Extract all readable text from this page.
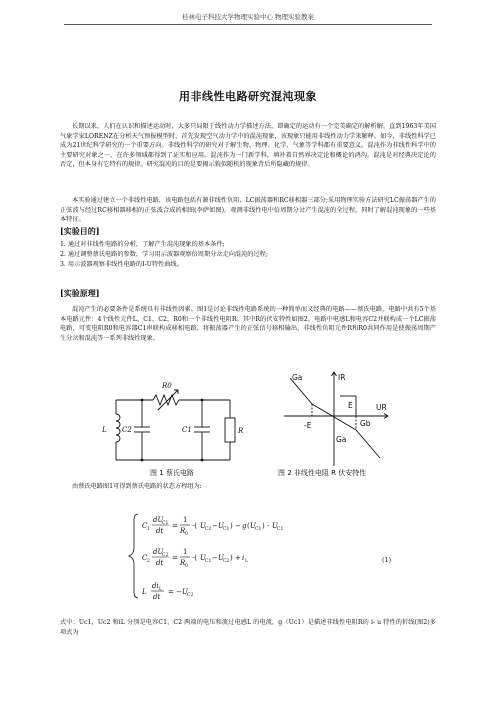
桂林电子科技大学物理实验中心 物理实验教案
用非线性电路研究混沌现象
长期以来，人们在认识和描述运动时，大多只局限于线性动力学描述方法，即确定的运动有一个完美确定的解析解。直到1963年美国气象学家LORENZ在分析天气预报模型时，首先发现空气动力学中的混沌现象，该现象只能用非线性动力学来解释。如今，非线性科学已成为21世纪科学研究的一个重要方向。非线性科学的研究对于解生物、物理、化学、气象等学科都有重要意义。混沌作为非线性科学中的主要研究对象之一，在许多领域都得到了证实和应用。混沌作为一门新学科，填补着自然界决定论和概论的鸿沟。混沌是对经典决定论的否定，但本身有它特有的规律。研究混沌的目的是要揭示貌似随机的现象背后所隐藏的规律。
本实验通过建立一个非线性电路，该电路包括有源非线性负阻、LC振荡器和RC移相器三部分;采用物理实验方法研究LC振荡器产生的正弦波与经过RC移相器移相的正弦波合成的相图(李萨如图)，观测非线性电中倍周期分岔产生混沌的全过程，同时了解混沌现象的一些基本特征。
[实验目的]
1. 通过对非线性电路的分析，了解产生混沌现象的基本条件;
2. 通过调整蔡氏电路的参数，学习用示波器观察倍周期分岔走向混沌的过程;
3. 用示波器观察非线性电路的I-U特性曲线。
[实验原理]
混沌产生的必要条件是系统具有非线性因素。图1是讨论非线性电路系统的一种简单而又经典的电路——蔡氏电路。电路中共有5个基本电路元件：4个线性元件L，C1，C2，R0和一个非线性电阻R。其中R的伏安特性如图2。电路中电感L和电容C2并联构成一个LC振荡电路，可变电阻R0和电容器C1串联构成移相电路，将振荡器产生的正弦信号移相输出，非线性负阻元件R和R0共同作用是使振荡周期产生分岔和混沌等一系列非线性现象。
R0
L C2	C1	R
图 1 蔡氏电路
Ga	IR
E
-E	Gb
UR
Ga
图 2 非线性电阻 R 伏安特性
由蔡氏电路图1可得到蔡氏电路的状态方程组为:
C 1
dU
C1
dt
=
1
R 0
·( U C2 − U C1 ) − g ( U C1 ) · U C1
C 2
dU
C2
dt
=
1
R 0
·( U C1 − U C2 ) + i L
L
di L
dt
= − U C2
(1)
式中：Uc1，Uc2 和iL 分别是电容C1，C2 两端的电压和流过电感L 的电流，g（Uc1）是描述非线性电阻R的 i- u 特性的折线(图2)多项式为
